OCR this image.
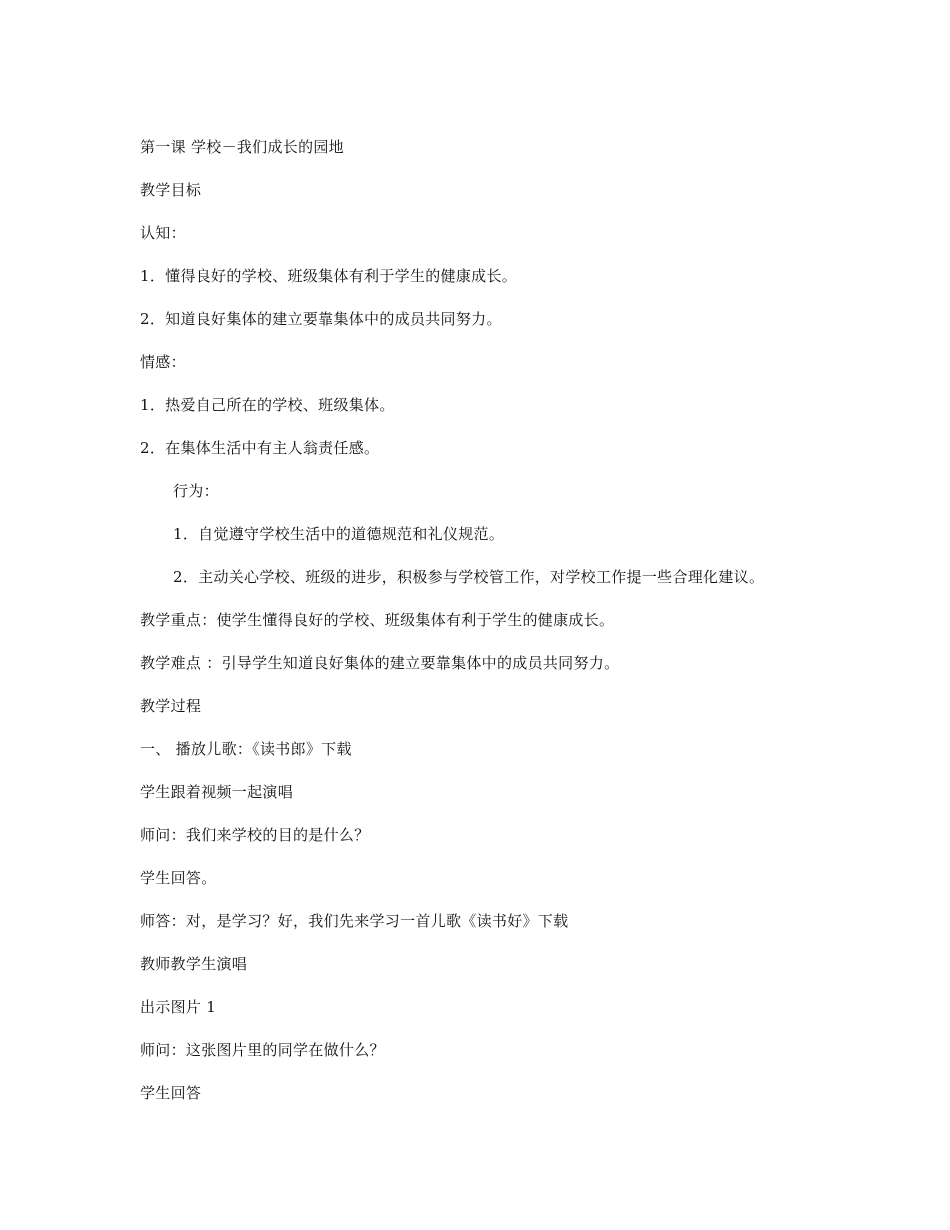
第一课 学校－我们成长的园地
教学目标
认知：
1．懂得良好的学校、班级集体有利于学生的健康成长。
2．知道良好集体的建立要靠集体中的成员共同努力。
情感：
1．热爱自己所在的学校、班级集体。
2．在集体生活中有主人翁责任感。
行为：
1．自觉遵守学校生活中的道德规范和礼仪规范。
2．主动关心学校、班级的进步，积极参与学校管工作，对学校工作提一些合理化建议。
教学重点：使学生懂得良好的学校、班级集体有利于学生的健康成长。
教学难点 ：引导学生知道良好集体的建立要靠集体中的成员共同努力。
教学过程
一、 播放儿歌：《读书郎》下载
学生跟着视频一起演唱
师问：我们来学校的目的是什么？
学生回答。
师答：对，是学习？好，我们先来学习一首儿歌《读书好》下载
教师教学生演唱
出示图片 1
师问：这张图片里的同学在做什么？
学生回答
